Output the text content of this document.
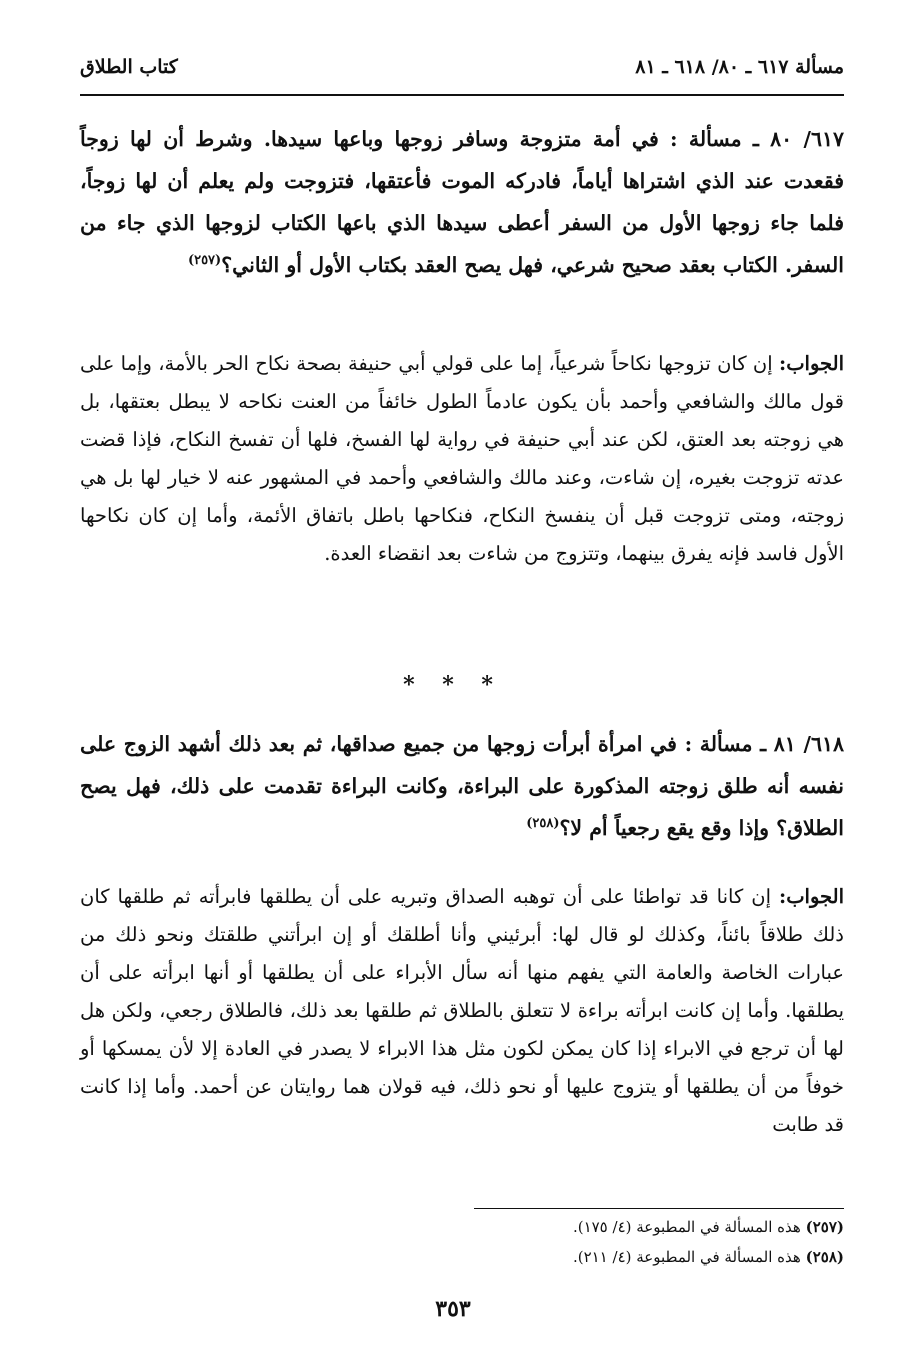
مسألة ٦١٧ ـ ٨٠/ ٦١٨ ـ ٨١
كتاب الطلاق
٦١٧/ ٨٠ ـ مسألة : في أمة متزوجة وسافر زوجها وباعها سيدها. وشرط أن لها زوجاً فقعدت عند الذي اشتراها أياماً، فادركه الموت فأعتقها، فتزوجت ولم يعلم أن لها زوجاً، فلما جاء زوجها الأول من السفر أعطى سيدها الذي باعها الكتاب لزوجها الذي جاء من السفر. الكتاب بعقد صحيح شرعي، فهل يصح العقد بكتاب الأول أو الثاني؟$^{(٢٥٧)}$
الجواب: إن كان تزوجها نكاحاً شرعياً، إما على قولي أبي حنيفة بصحة نكاح الحر بالأمة، وإما على قول مالك والشافعي وأحمد بأن يكون عادماً الطول خائفاً من العنت نكاحه لا يبطل بعتقها، بل هي زوجته بعد العتق، لكن عند أبي حنيفة في رواية لها الفسخ، فلها أن تفسخ النكاح، فإذا قضت عدته تزوجت بغيره، إن شاءت، وعند مالك والشافعي وأحمد في المشهور عنه لا خيار لها بل هي زوجته، ومتى تزوجت قبل أن ينفسخ النكاح، فنكاحها باطل باتفاق الأئمة، وأما إن كان نكاحها الأول فاسد فإنه يفرق بينهما، وتتزوج من شاءت بعد انقضاء العدة.
* * *
٦١٨/ ٨١ ـ مسألة : في امرأة أبرأت زوجها من جميع صداقها، ثم بعد ذلك أشهد الزوج على نفسه أنه طلق زوجته المذكورة على البراءة، وكانت البراءة تقدمت على ذلك، فهل يصح الطلاق؟ وإذا وقع يقع رجعياً أم لا؟$^{(٢٥٨)}$
الجواب: إن كانا قد تواطئا على أن توهبه الصداق وتبريه على أن يطلقها فابرأته ثم طلقها كان ذلك طلاقاً بائناً، وكذلك لو قال لها: أبرئيني وأنا أطلقك أو إن ابرأتني طلقتك ونحو ذلك من عبارات الخاصة والعامة التي يفهم منها أنه سأل الأبراء على أن يطلقها أو أنها ابرأته على أن يطلقها. وأما إن كانت ابرأته براءة لا تتعلق بالطلاق ثم طلقها بعد ذلك، فالطلاق رجعي، ولكن هل لها أن ترجع في الابراء إذا كان يمكن لكون مثل هذا الابراء لا يصدر في العادة إلا لأن يمسكها أو خوفاً من أن يطلقها أو يتزوج عليها أو نحو ذلك، فيه قولان هما روايتان عن أحمد. وأما إذا كانت قد طابت
(٢٥٧) هذه المسألة في المطبوعة (٤/ ١٧٥).
(٢٥٨) هذه المسألة في المطبوعة (٤/ ٢١١).
٣٥٣
